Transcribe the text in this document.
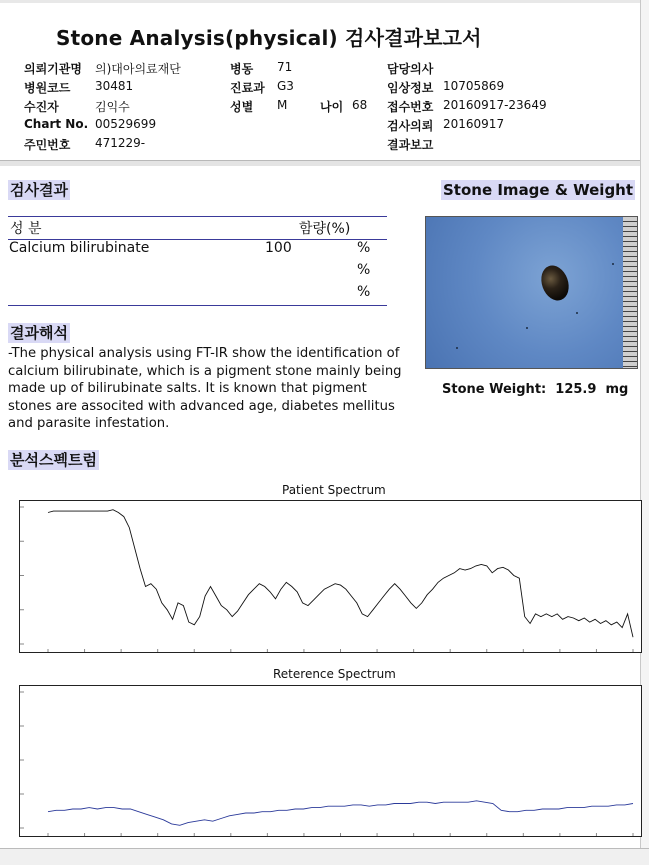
Stone Analysis(physical) 검사결과보고서
의뢰기관명 의)대아의료재단
병원코드 30481
수진자	김익수
Chart No. 00529699
주민번호 471229-
병동 71
진료과 G3
성별 M	나이 68
담당의사
임상정보 10705869
접수번호 20160917-23649
검사의뢰 20160917
결과보고
검사결과
성 분	함량(%)
Calcium bilirubinate	100	%
%
%
결과해석
-The physical analysis using FT-IR show the identification of calcium bilirubinate, which is a pigment stone mainly being made up of bilirubinate salts. It is known that pigment stones are associted with advanced age, diabetes mellitus and parasite infestation.
Stone Image & Weight
Stone Weight: 125.9 mg
분석스펙트럼
Patient Spectrum
Reterence Spectrum
